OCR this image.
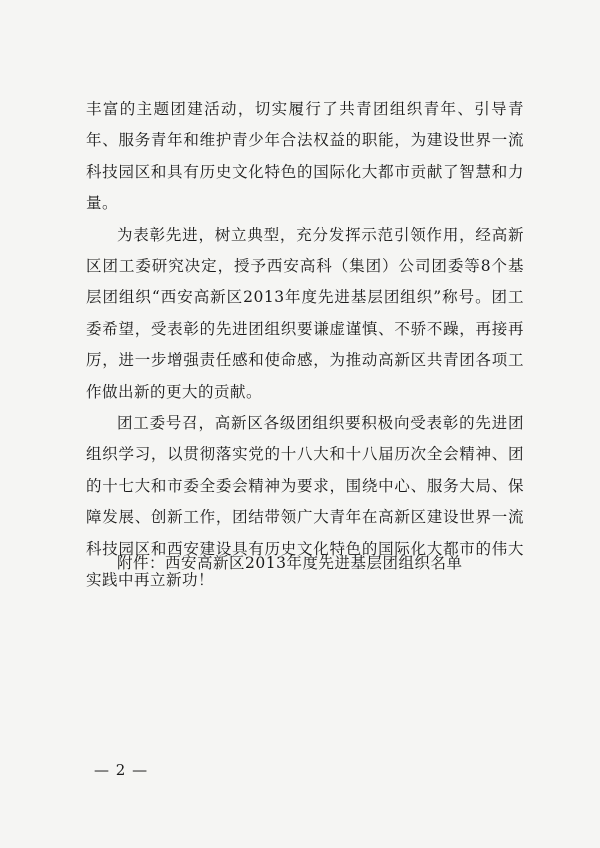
丰富的主题团建活动，切实履行了共青团组织青年、引导青年、服务青年和维护青少年合法权益的职能，为建设世界一流科技园区和具有历史文化特色的国际化大都市贡献了智慧和力量。

为表彰先进，树立典型，充分发挥示范引领作用，经高新区团工委研究决定，授予西安高科（集团）公司团委等8个基层团组织“西安高新区2013年度先进基层团组织”称号。团工委希望，受表彰的先进团组织要谦虚谨慎、不骄不躁，再接再厉，进一步增强责任感和使命感，为推动高新区共青团各项工作做出新的更大的贡献。

团工委号召，高新区各级团组织要积极向受表彰的先进团组织学习，以贯彻落实党的十八大和十八届历次全会精神、团的十七大和市委全委会精神为要求，围绕中心、服务大局、保障发展、创新工作，团结带领广大青年在高新区建设世界一流科技园区和西安建设具有历史文化特色的国际化大都市的伟大实践中再立新功！

附件：西安高新区2013年度先进基层团组织名单
— 2 —
